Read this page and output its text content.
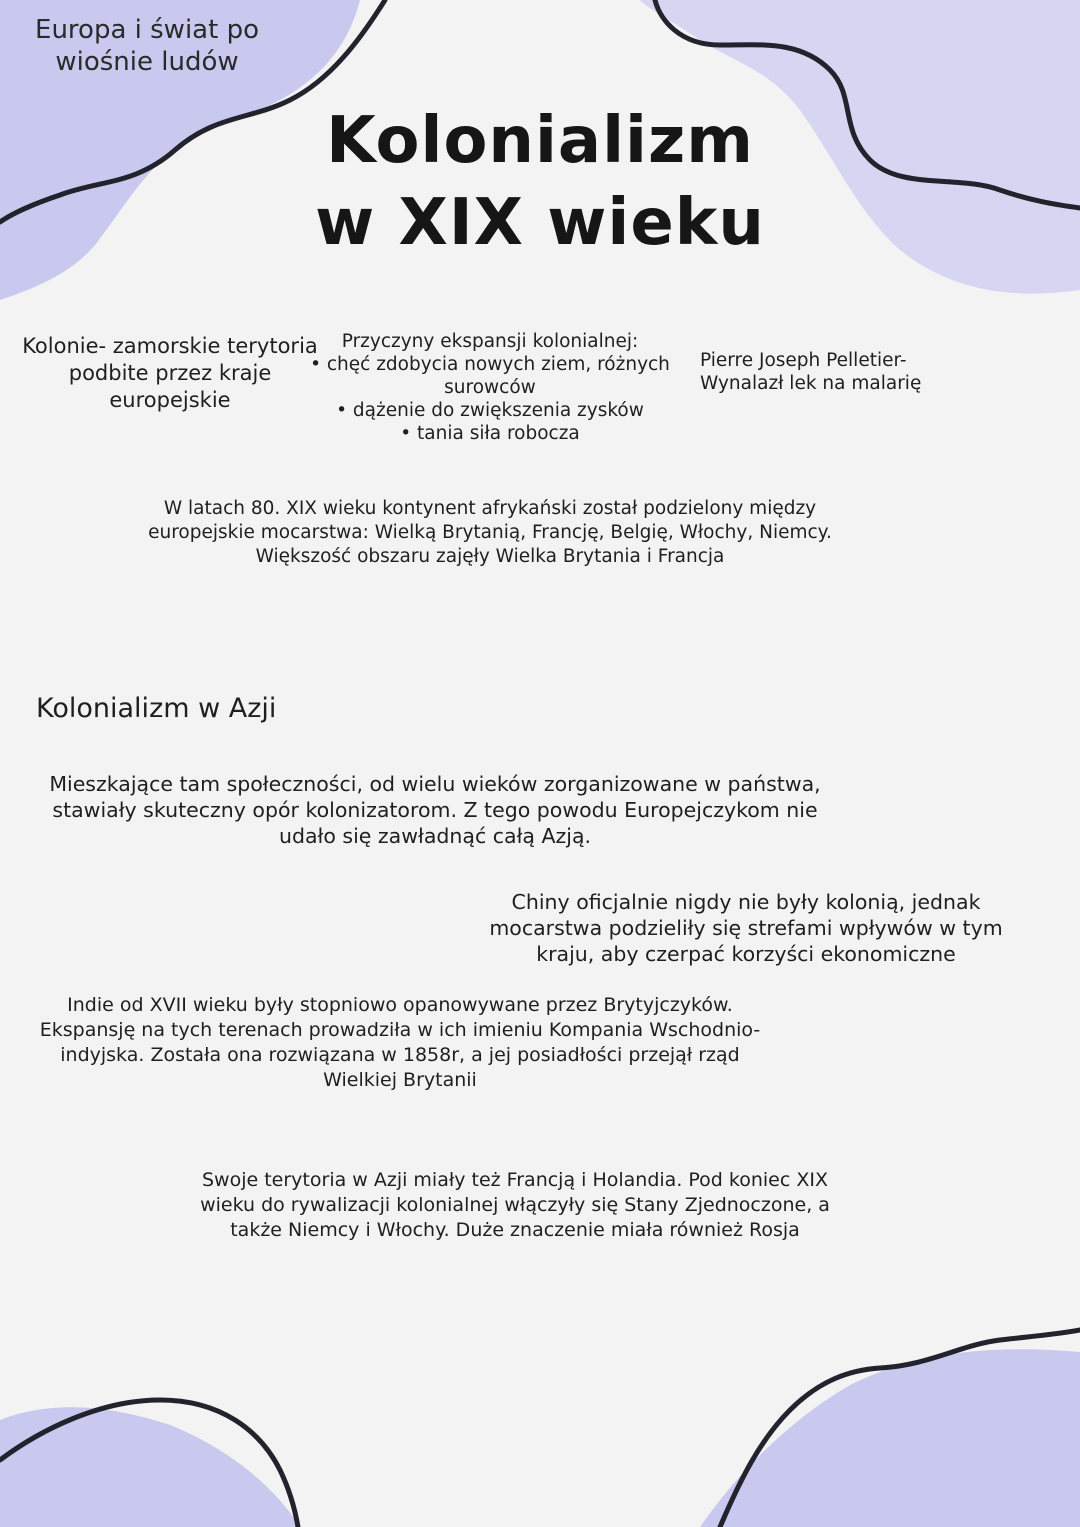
Europa i świat po wiośnie ludów

Kolonializm
w XIX wieku

Kolonie- zamorskie terytoria podbite przez kraje europejskie

Przyczyny ekspansji kolonialnej:
• chęć zdobycia nowych ziem, różnych surowców
• dążenie do zwiększenia zysków
• tania siła robocza
Pierre Joseph Pelletier-
Wynalazł lek na malarię

W latach 80. XIX wieku kontynent afrykański został podzielony między europejskie mocarstwa: Wielką Brytanią, Francję, Belgię, Włochy, Niemcy. Większość obszaru zajęły Wielka Brytania i Francja

Kolonializm w Azji

Mieszkające tam społeczności, od wielu wieków zorganizowane w państwa, stawiały skuteczny opór kolonizatorom. Z tego powodu Europejczykom nie udało się zawładnąć całą Azją.

Chiny oficjalnie nigdy nie były kolonią, jednak mocarstwa podzieliły się strefami wpływów w tym kraju, aby czerpać korzyści ekonomiczne

Indie od XVII wieku były stopniowo opanowywane przez Brytyjczyków. Ekspansję na tych terenach prowadziła w ich imieniu Kompania Wschodnio-indyjska. Została ona rozwiązana w 1858r, a jej posiadłości przejął rząd Wielkiej Brytanii

Swoje terytoria w Azji miały też Francją i Holandia. Pod koniec XIX wieku do rywalizacji kolonialnej włączyły się Stany Zjednoczone, a także Niemcy i Włochy. Duże znaczenie miała również Rosja
